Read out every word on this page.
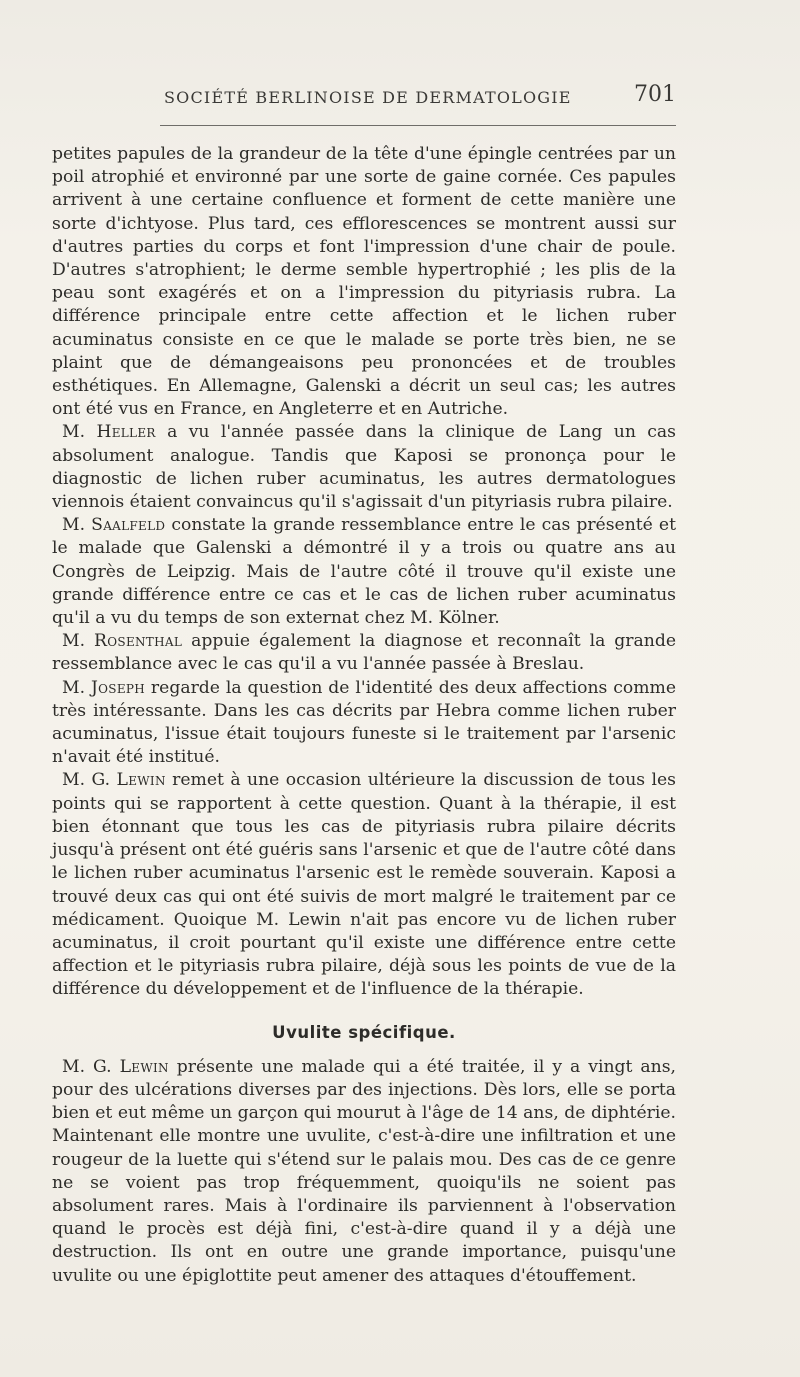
SOCIÉTÉ BERLINOISE DE DERMATOLOGIE	701

petites papules de la grandeur de la tête d'une épingle centrées par un poil atrophié et environné par une sorte de gaine cornée. Ces papules arrivent à une certaine confluence et forment de cette manière une sorte d'ichtyose. Plus tard, ces efflorescences se montrent aussi sur d'autres parties du corps et font l'impression d'une chair de poule. D'autres s'atrophient; le derme semble hypertrophié ; les plis de la peau sont exagérés et on a l'impression du pityriasis rubra. La différence principale entre cette affection et le lichen ruber acuminatus consiste en ce que le malade se porte très bien, ne se plaint que de démangeaisons peu prononcées et de troubles esthétiques. En Allemagne, Galenski a décrit un seul cas; les autres ont été vus en France, en Angleterre et en Autriche.

M. Heller a vu l'année passée dans la clinique de Lang un cas absolument analogue. Tandis que Kaposi se prononça pour le diagnostic de lichen ruber acuminatus, les autres dermatologues viennois étaient convaincus qu'il s'agissait d'un pityriasis rubra pilaire.

M. Saalfeld constate la grande ressemblance entre le cas présenté et le malade que Galenski a démontré il y a trois ou quatre ans au Congrès de Leipzig. Mais de l'autre côté il trouve qu'il existe une grande différence entre ce cas et le cas de lichen ruber acuminatus qu'il a vu du temps de son externat chez M. Kölner.

M. Rosenthal appuie également la diagnose et reconnaît la grande ressemblance avec le cas qu'il a vu l'année passée à Breslau.

M. Joseph regarde la question de l'identité des deux affections comme très intéressante. Dans les cas décrits par Hebra comme lichen ruber acuminatus, l'issue était toujours funeste si le traitement par l'arsenic n'avait été institué.

M. G. Lewin remet à une occasion ultérieure la discussion de tous les points qui se rapportent à cette question. Quant à la thérapie, il est bien étonnant que tous les cas de pityriasis rubra pilaire décrits jusqu'à présent ont été guéris sans l'arsenic et que de l'autre côté dans le lichen ruber acuminatus l'arsenic est le remède souverain. Kaposi a trouvé deux cas qui ont été suivis de mort malgré le traitement par ce médicament. Quoique M. Lewin n'ait pas encore vu de lichen ruber acuminatus, il croit pourtant qu'il existe une différence entre cette affection et le pityriasis rubra pilaire, déjà sous les points de vue de la différence du développement et de l'influence de la thérapie.

Uvulite spécifique.

M. G. Lewin présente une malade qui a été traitée, il y a vingt ans, pour des ulcérations diverses par des injections. Dès lors, elle se porta bien et eut même un garçon qui mourut à l'âge de 14 ans, de diphtérie. Maintenant elle montre une uvulite, c'est-à-dire une infiltration et une rougeur de la luette qui s'étend sur le palais mou. Des cas de ce genre ne se voient pas trop fréquemment, quoiqu'ils ne soient pas absolument rares. Mais à l'ordinaire ils parviennent à l'observation quand le procès est déjà fini, c'est-à-dire quand il y a déjà une destruction. Ils ont en outre une grande importance, puisqu'une uvulite ou une épiglottite peut amener des attaques d'étouffement.
